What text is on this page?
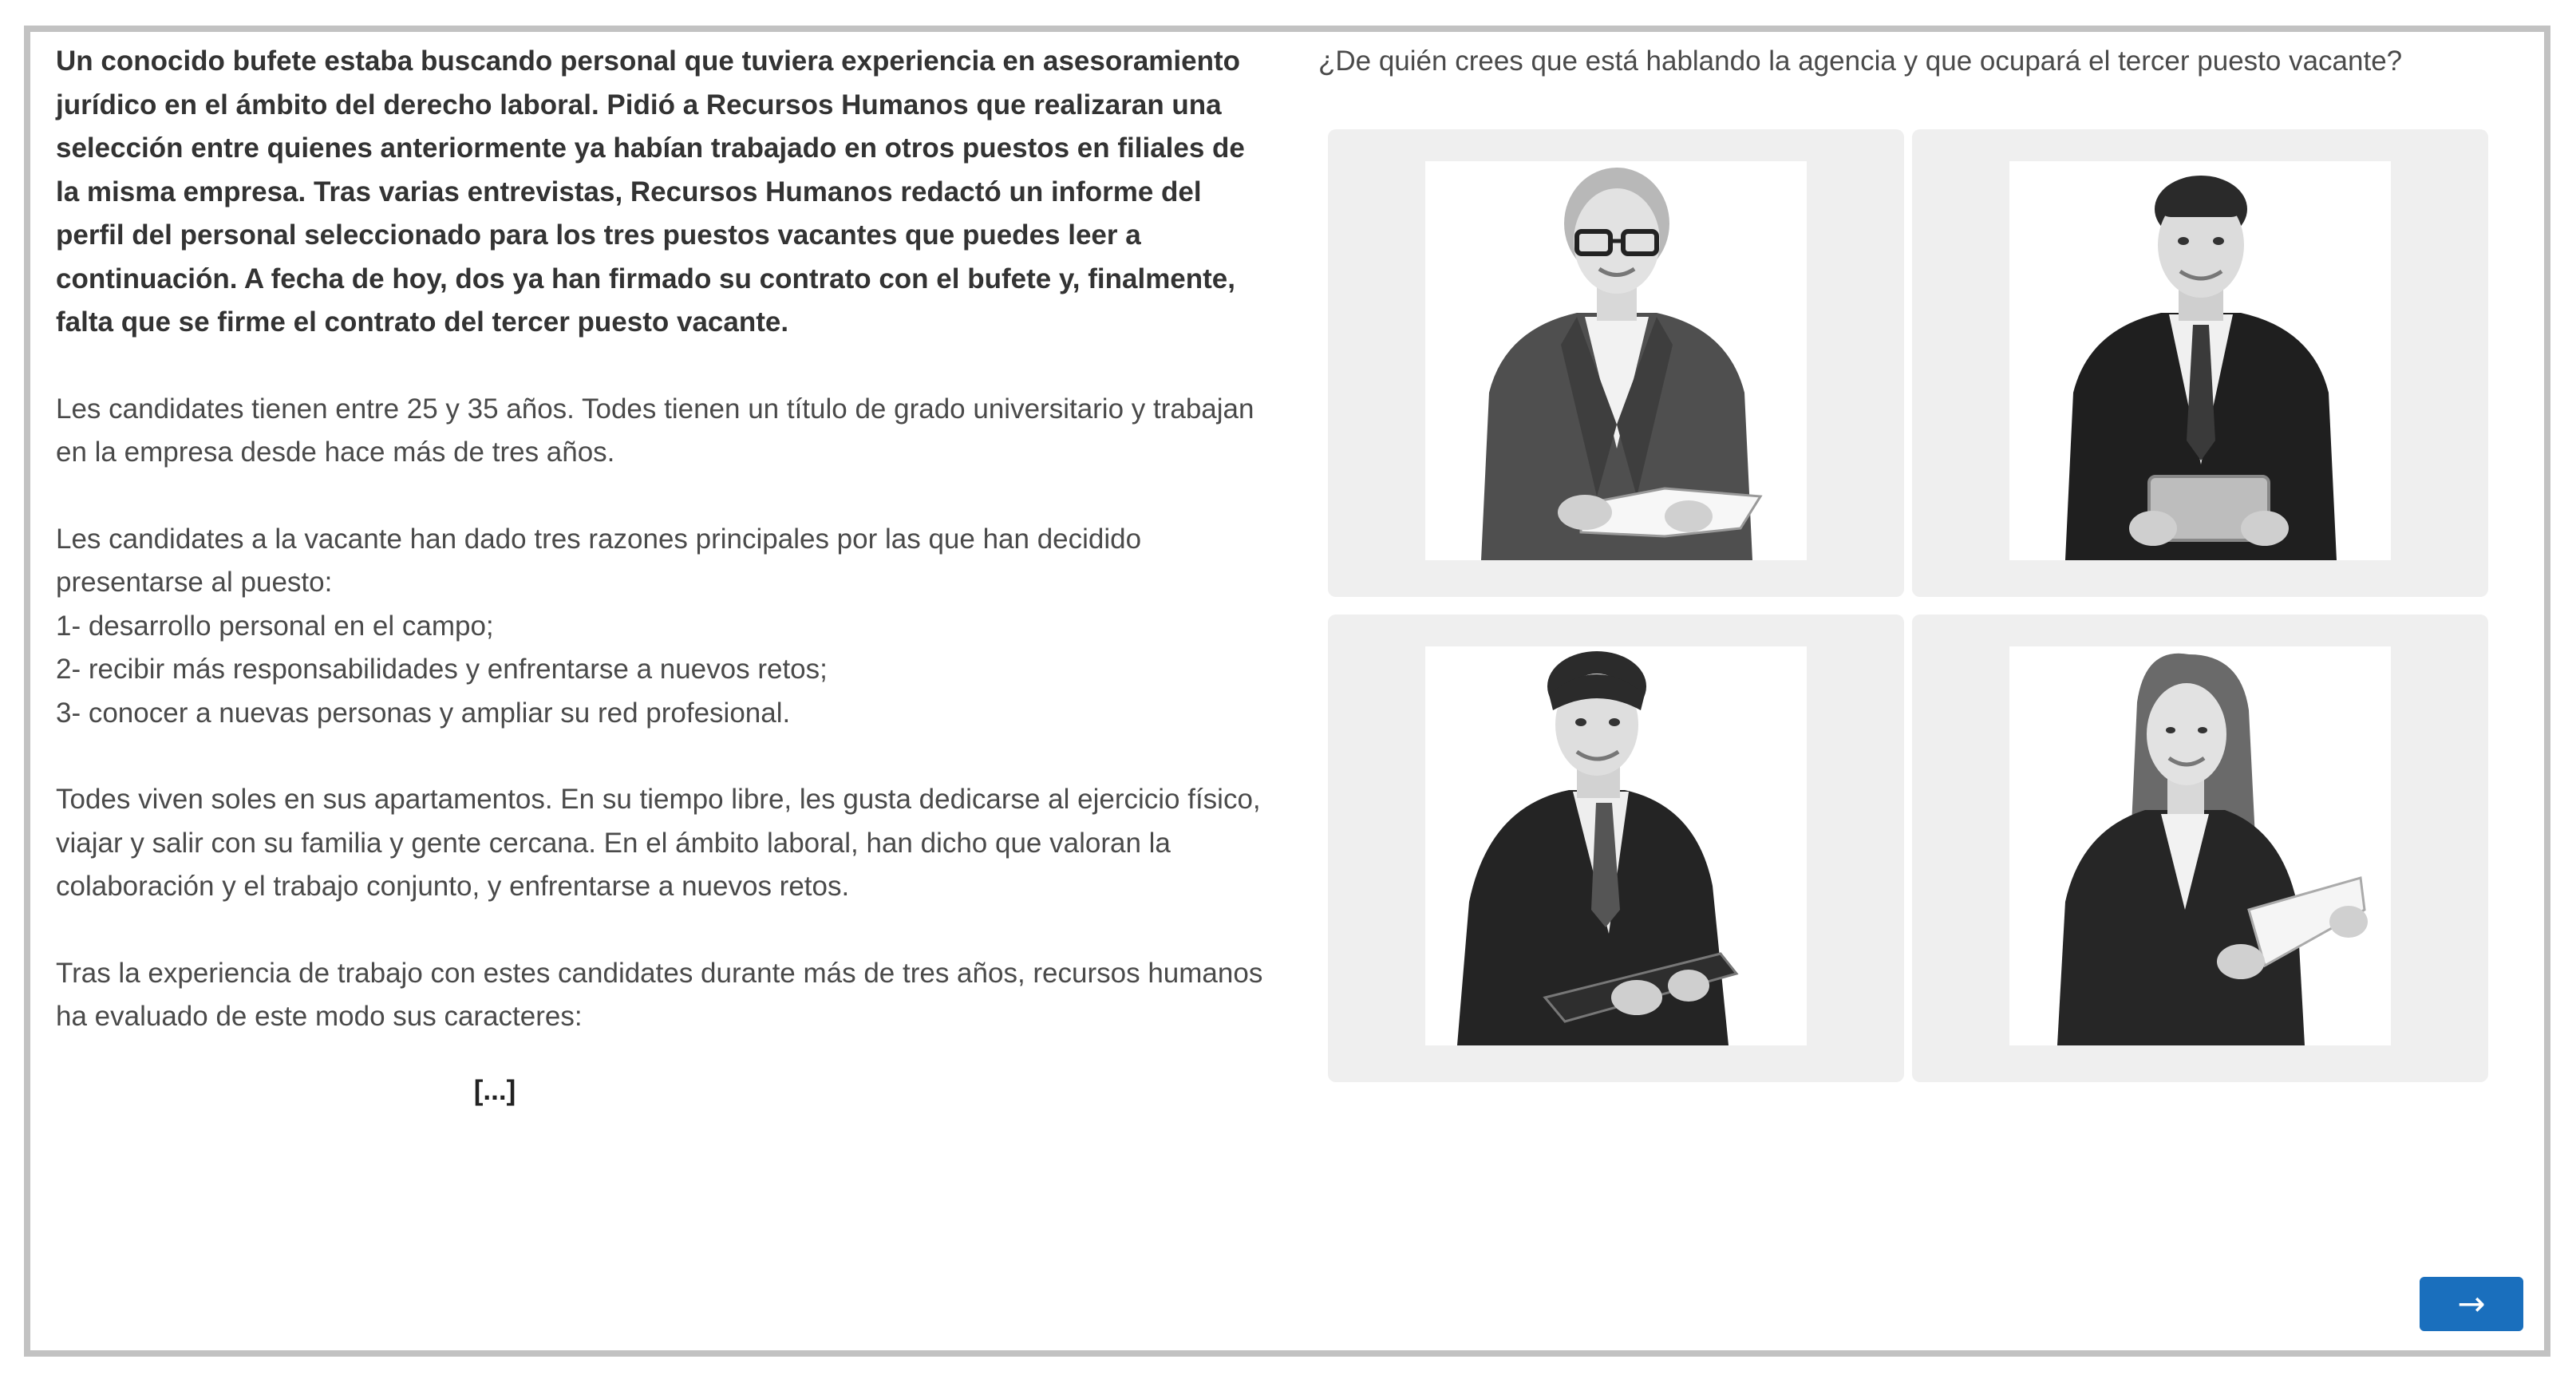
Un conocido bufete estaba buscando personal que tuviera experiencia en asesoramiento jurídico en el ámbito del derecho laboral. Pidió a Recursos Humanos que realizaran una selección entre quienes anteriormente ya habían trabajado en otros puestos en filiales de la misma empresa. Tras varias entrevistas, Recursos Humanos redactó un informe del perfil del personal seleccionado para los tres puestos vacantes que puedes leer a continuación. A fecha de hoy, dos ya han firmado su contrato con el bufete y, finalmente, falta que se firme el contrato del tercer puesto vacante.

Les candidates tienen entre 25 y 35 años. Todes tienen un título de grado universitario y trabajan en la empresa desde hace más de tres años.

Les candidates a la vacante han dado tres razones principales por las que han decidido presentarse al puesto:
1- desarrollo personal en el campo;
2- recibir más responsabilidades y enfrentarse a nuevos retos;
3- conocer a nuevas personas y ampliar su red profesional.

Todes viven soles en sus apartamentos. En su tiempo libre, les gusta dedicarse al ejercicio físico, viajar y salir con su familia y gente cercana. En el ámbito laboral, han dicho que valoran la colaboración y el trabajo conjunto, y enfrentarse a nuevos retos.

Tras la experiencia de trabajo con estes candidates durante más de tres años, recursos humanos ha evaluado de este modo sus caracteres:

[...]

¿De quién crees que está hablando la agencia y que ocupará el tercer puesto vacante?

→
